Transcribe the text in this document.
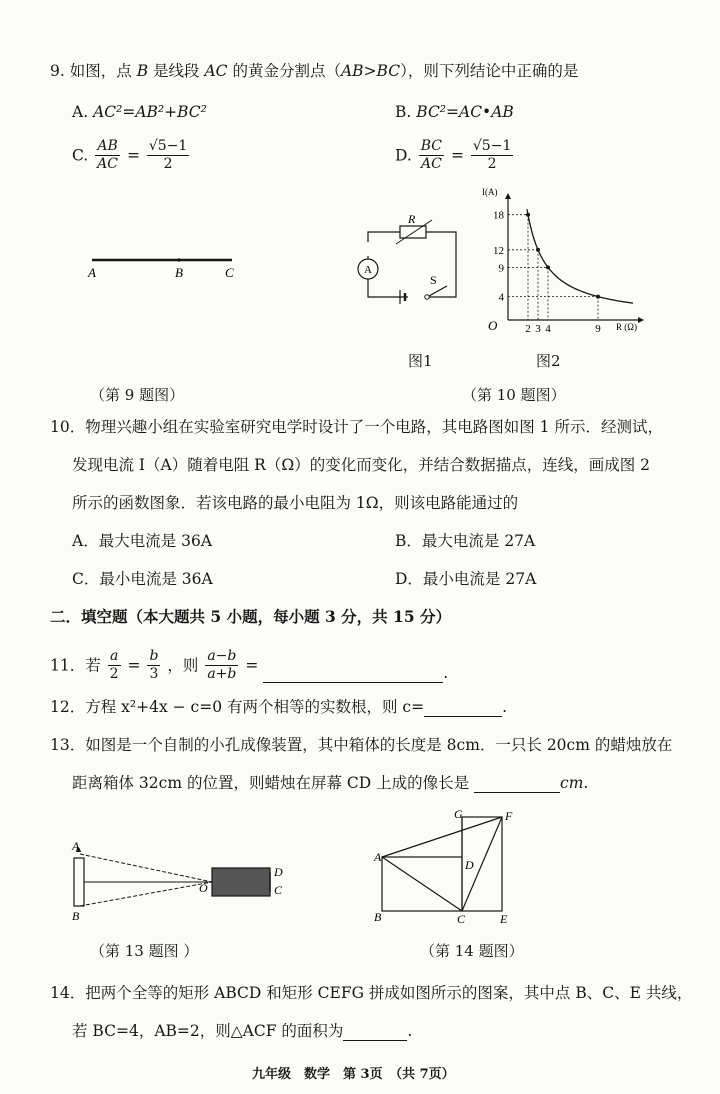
9. 如图，点 B 是线段 AC 的黄金分割点（AB>BC），则下列结论中正确的是
A. AC²=AB²+BC²	B. BC²=AC•AB
C. $\frac{AB}{AC} = \frac{√5-1}{2}$	D. $\frac{BC}{AC} = \frac{√5-1}{2}$
A	B	C
（第 9 题图）
R
A
S
18
12
9
4
2 3 4	9
I(A)
R (Ω)
O
图1	图2
（第 10 题图）
10．物理兴趣小组在实验室研究电学时设计了一个电路，其电路图如图 1 所示．经测试，
发现电流 I（A）随着电阻 R（Ω）的变化而变化，并结合数据描点，连线，画成图 2
所示的函数图象．若该电路的最小电阻为 1Ω，则该电路能通过的
A．最大电流是 36A	B．最大电流是 27A
C．最小电流是 36A	D．最小电流是 27A
二．填空题（本大题共 5 小题，每小题 3 分，共 15 分）
11．若 $\frac{a}{2} = \frac{b}{3}$ ，则 $\frac{a-b}{a+b}$ =	.
12．方程 x²+4x − c=0 有两个相等的实数根，则 c=	.
13．如图是一个自制的小孔成像装置，其中箱体的长度是 8cm．一只长 20cm 的蜡烛放在
距离箱体 32cm 的位置，则蜡烛在屏幕 CD 上成的像长是	cm.
A
B
O
D
C
（第 13 题图 ）
A
B	C
D
E
F
G
（第 14 题图）
14．把两个全等的矩形 ABCD 和矩形 CEFG 拼成如图所示的图案，其中点 B、C、E 共线，
若 BC=4，AB=2，则△ACF 的面积为	.
九年级　数学　第 3页　（共 7页）
